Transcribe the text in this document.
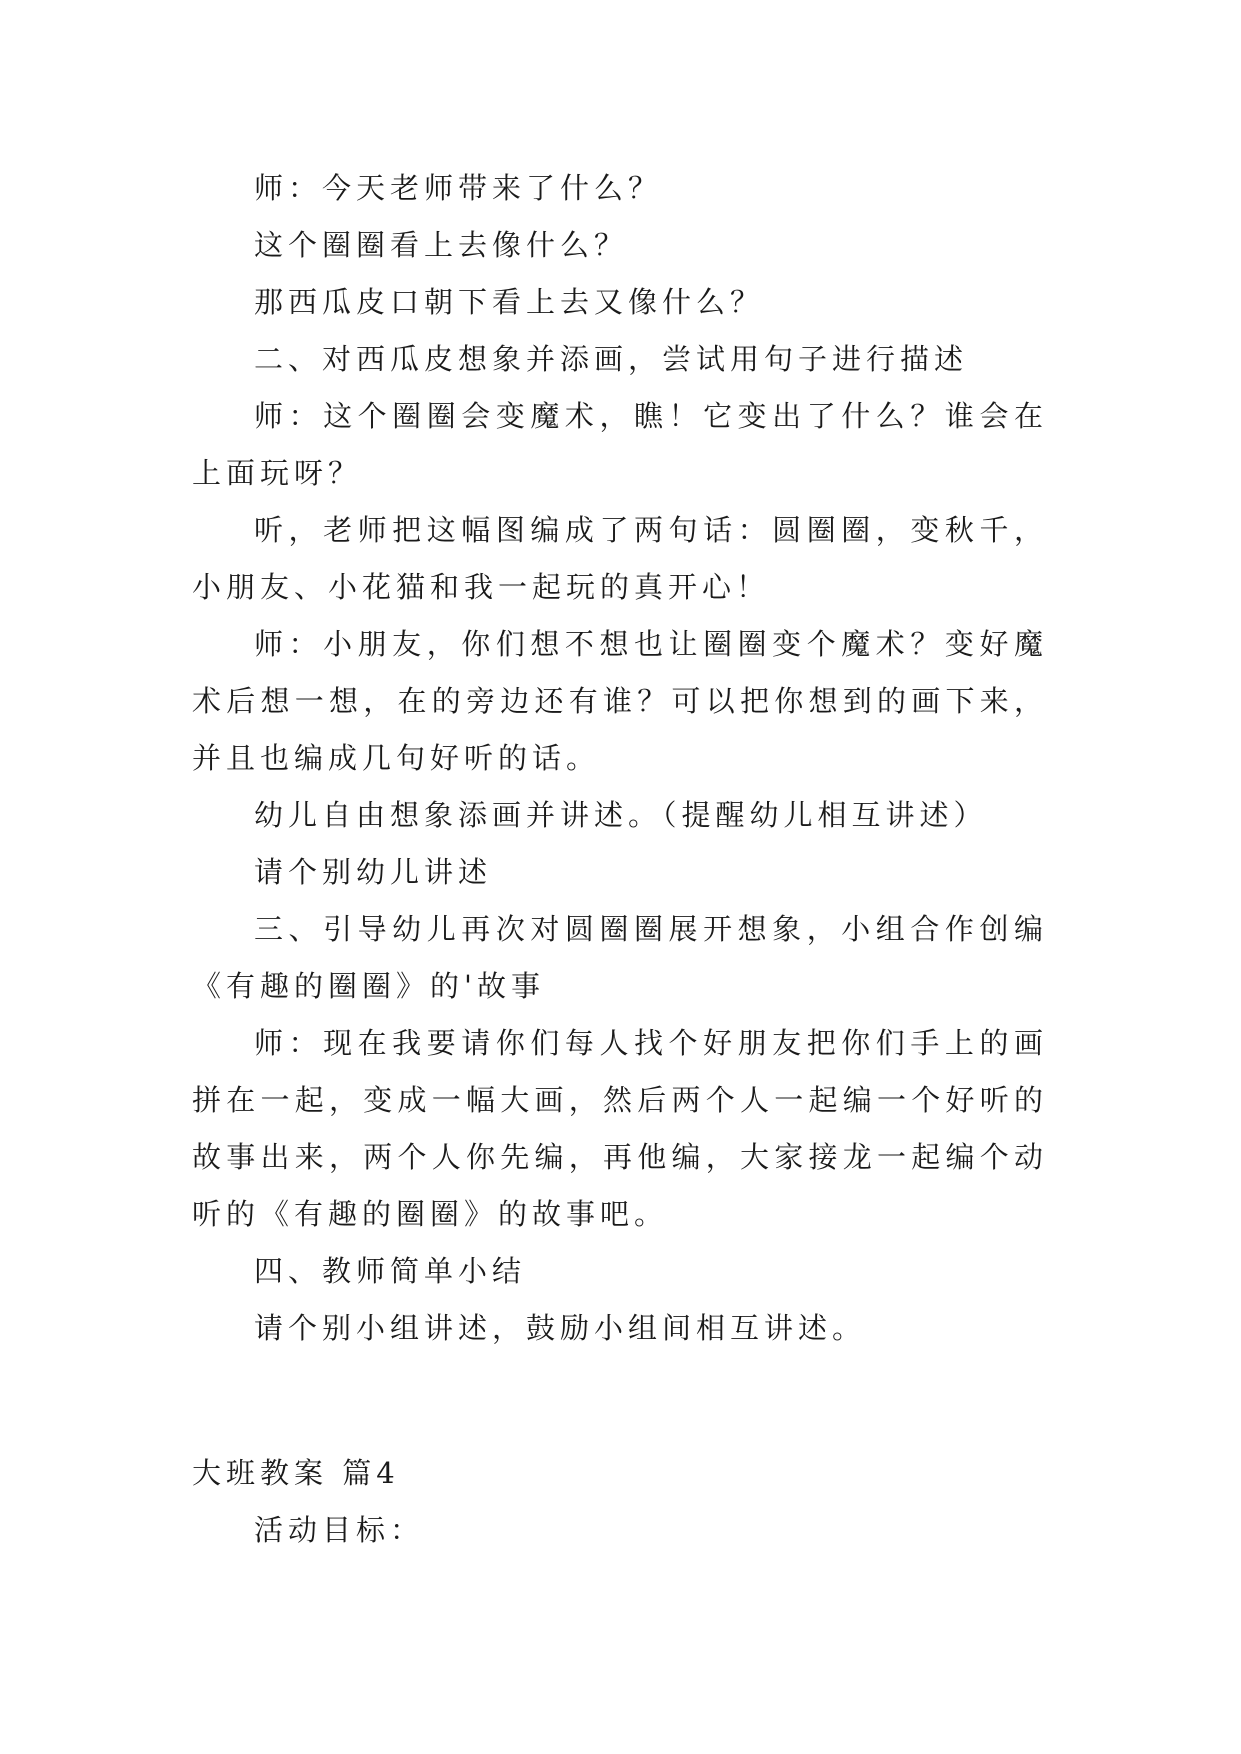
师：今天老师带来了什么？

这个圈圈看上去像什么？

那西瓜皮口朝下看上去又像什么？

二、对西瓜皮想象并添画，尝试用句子进行描述

师：这个圈圈会变魔术，瞧！它变出了什么？谁会在上面玩呀？

听，老师把这幅图编成了两句话：圆圈圈，变秋千，小朋友、小花猫和我一起玩的真开心！

师：小朋友，你们想不想也让圈圈变个魔术？变好魔术后想一想，在的旁边还有谁？可以把你想到的画下来，并且也编成几句好听的话。

幼儿自由想象添画并讲述。（提醒幼儿相互讲述）

请个别幼儿讲述

三、引导幼儿再次对圆圈圈展开想象，小组合作创编《有趣的圈圈》的'故事

师：现在我要请你们每人找个好朋友把你们手上的画拼在一起，变成一幅大画，然后两个人一起编一个好听的故事出来，两个人你先编，再他编，大家接龙一起编个动听的《有趣的圈圈》的故事吧。

四、教师简单小结

请个别小组讲述，鼓励小组间相互讲述。

大班教案 篇4

活动目标：
